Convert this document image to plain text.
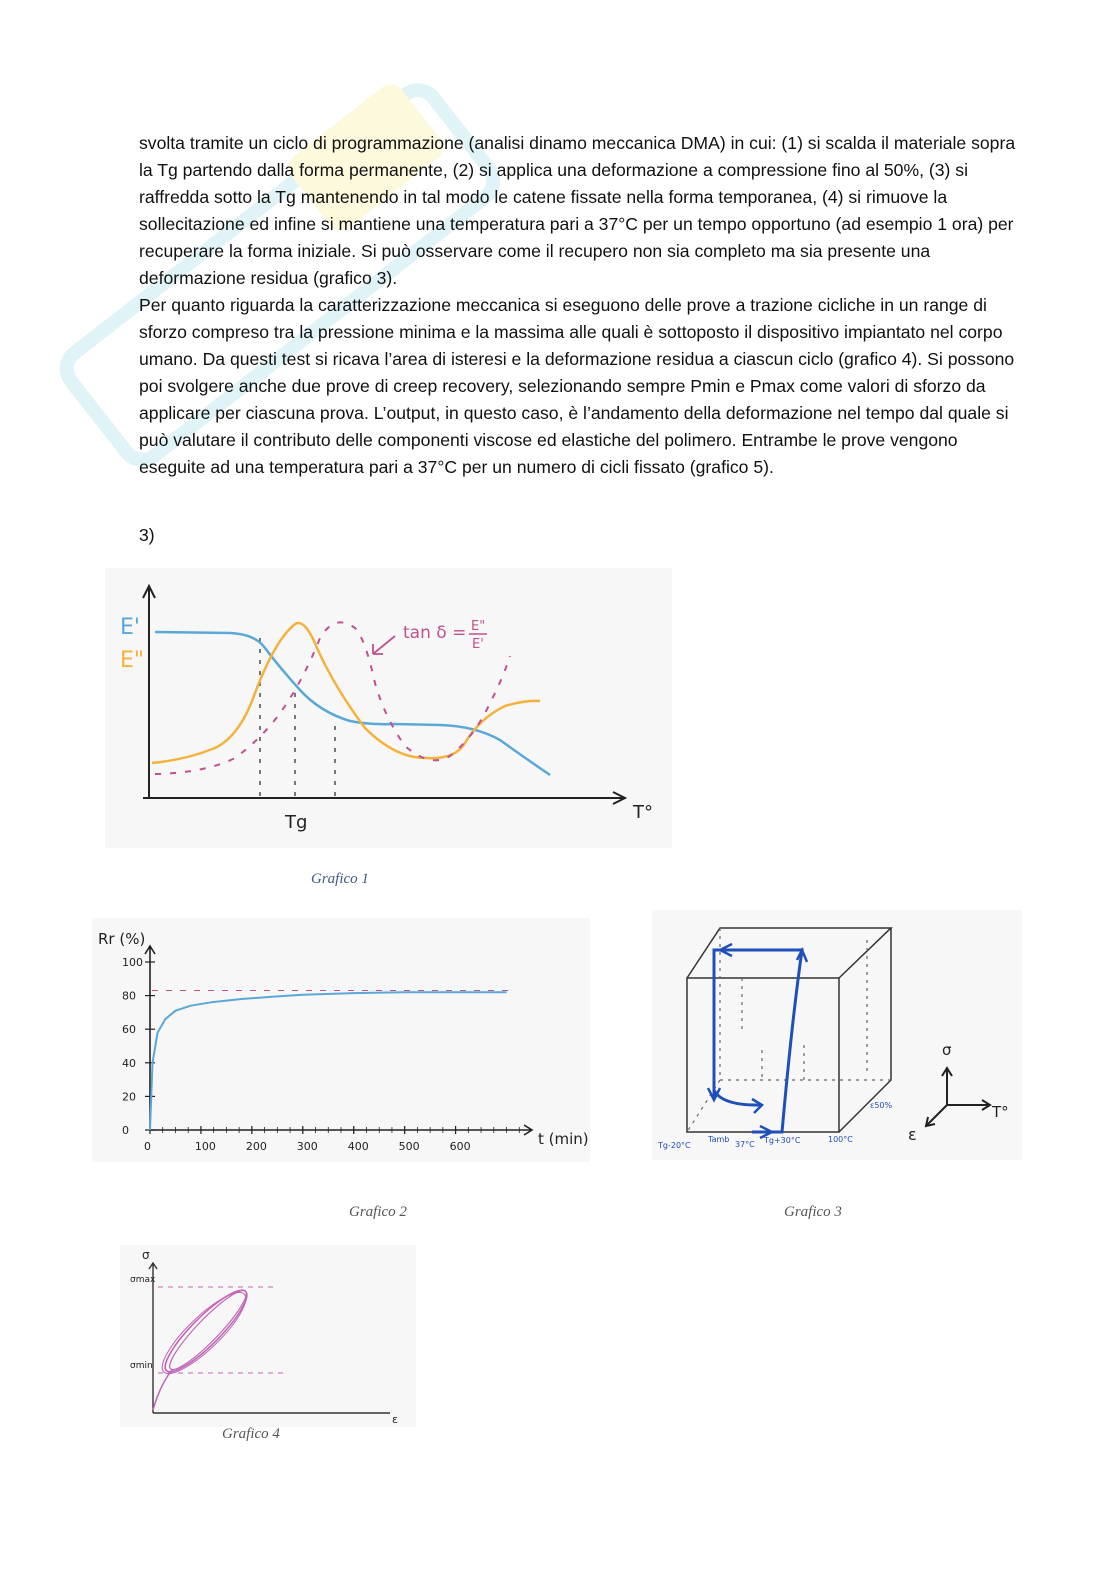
svolta tramite un ciclo di programmazione (analisi dinamo meccanica DMA) in cui: (1) si scalda il materiale sopra la Tg partendo dalla forma permanente, (2) si applica una deformazione a compressione fino al 50%, (3) si raffredda sotto la Tg mantenendo in tal modo le catene fissate nella forma temporanea, (4) si rimuove la sollecitazione ed infine si mantiene una temperatura pari a 37°C per un tempo opportuno (ad esempio 1 ora) per recuperare la forma iniziale. Si può osservare come il recupero non sia completo ma sia presente una deformazione residua (grafico 3).

Per quanto riguarda la caratterizzazione meccanica si eseguono delle prove a trazione cicliche in un range di sforzo compreso tra la pressione minima e la massima alle quali è sottoposto il dispositivo impiantato nel corpo umano. Da questi test si ricava l’area di isteresi e la deformazione residua a ciascun ciclo (grafico 4). Si possono poi svolgere anche due prove di creep recovery, selezionando sempre Pmin e Pmax come valori di sforzo da applicare per ciascuna prova. L’output, in questo caso, è l’andamento della deformazione nel tempo dal quale si può valutare il contributo delle componenti viscose ed elastiche del polimero. Entrambe le prove vengono eseguite ad una temperatura pari a 37°C per un numero di cicli fissato (grafico 5).

3)
E'
E"
tan δ = E"
E'
T°
Tg
Grafico 1
0	100	200	300	400	500	600
0
20
40
60
80
100
Rr (%)
t (min)
Grafico 2
σ
T°
ε
ε50%
Tg-20°C
Tamb
37°C Tg+30°C	100°C
Grafico 3
σ
σmax
σmin
ε
Grafico 4
